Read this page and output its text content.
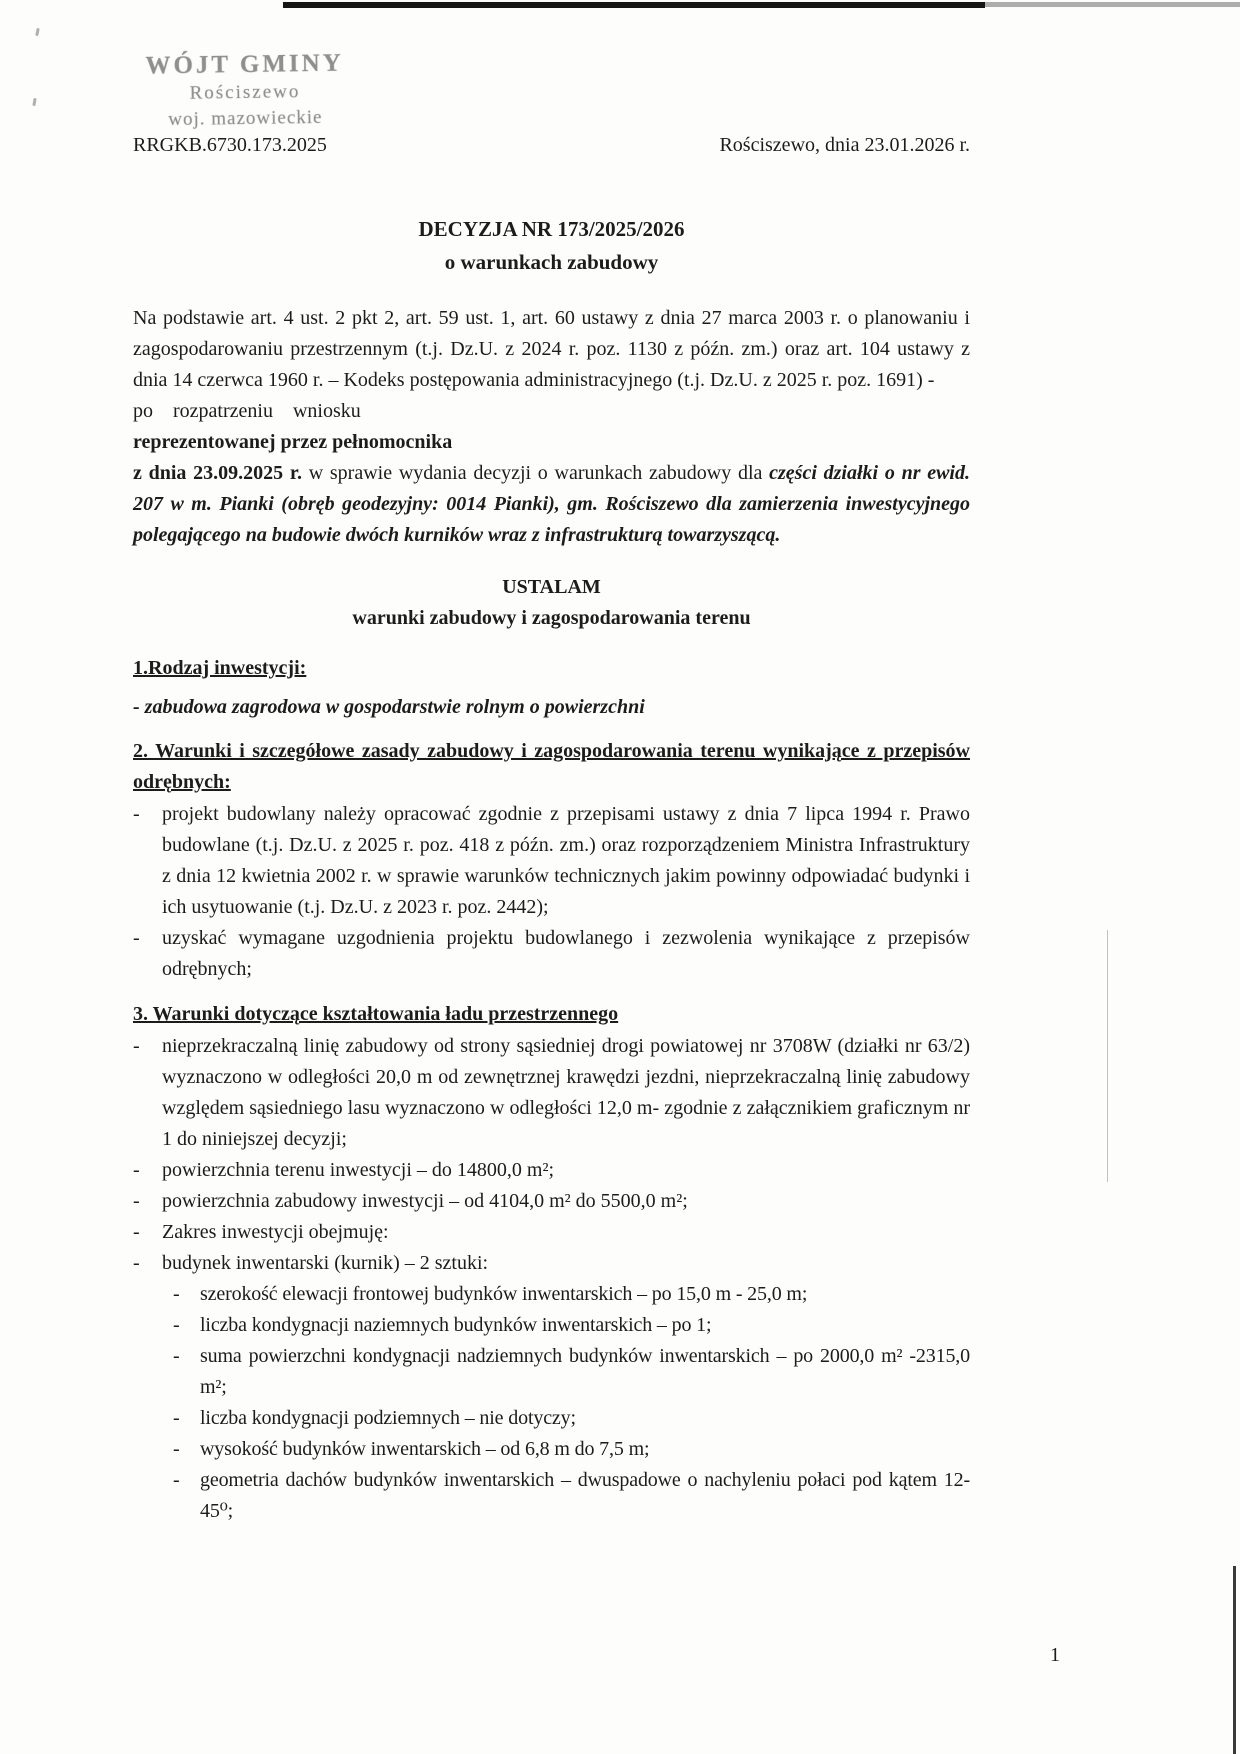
WÓJT GMINY
Rościszewo
woj. mazowieckie
RRGKB.6730.173.2025	Rościszewo, dnia 23.01.2026 r.
DECYZJA NR 173/2025/2026
o warunkach zabudowy

Na podstawie art. 4 ust. 2 pkt 2, art. 59 ust. 1, art. 60 ustawy z dnia 27 marca 2003 r. o planowaniu i zagospodarowaniu przestrzennym (t.j. Dz.U. z 2024 r. poz. 1130 z późn. zm.) oraz art. 104 ustawy z dnia 14 czerwca 1960 r. – Kodeks postępowania administracyjnego (t.j. Dz.U. z 2025 r. poz. 1691) -

po rozpatrzeniu wniosku

reprezentowanej przez pełnomocnika

z dnia 23.09.2025 r. w sprawie wydania decyzji o warunkach zabudowy dla części działki o nr ewid. 207 w m. Pianki (obręb geodezyjny: 0014 Pianki), gm. Rościszewo dla zamierzenia inwestycyjnego polegającego na budowie dwóch kurników wraz z infrastrukturą towarzyszącą.

USTALAM
warunki zabudowy i zagospodarowania terenu
1.Rodzaj inwestycji:
- zabudowa zagrodowa w gospodarstwie rolnym o powierzchni
2. Warunki i szczegółowe zasady zabudowy i zagospodarowania terenu wynikające z przepisów odrębnych:
-	projekt budowlany należy opracować zgodnie z przepisami ustawy z dnia 7 lipca 1994 r. Prawo budowlane (t.j. Dz.U. z 2025 r. poz. 418 z późn. zm.) oraz rozporządzeniem Ministra Infrastruktury z dnia 12 kwietnia 2002 r. w sprawie warunków technicznych jakim powinny odpowiadać budynki i ich usytuowanie (t.j. Dz.U. z 2023 r. poz. 2442);
-	uzyskać wymagane uzgodnienia projektu budowlanego i zezwolenia wynikające z przepisów odrębnych;
3. Warunki dotyczące kształtowania ładu przestrzennego
-	nieprzekraczalną linię zabudowy od strony sąsiedniej drogi powiatowej nr 3708W (działki nr 63/2) wyznaczono w odległości 20,0 m od zewnętrznej krawędzi jezdni, nieprzekraczalną linię zabudowy względem sąsiedniego lasu wyznaczono w odległości 12,0 m- zgodnie z załącznikiem graficznym nr 1 do niniejszej decyzji;
-	powierzchnia terenu inwestycji – do 14800,0 m²;
-	powierzchnia zabudowy inwestycji – od 4104,0 m² do 5500,0 m²;
-	Zakres inwestycji obejmuję:
-	budynek inwentarski (kurnik) – 2 sztuki:
-	szerokość elewacji frontowej budynków inwentarskich – po 15,0 m - 25,0 m;
-	liczba kondygnacji naziemnych budynków inwentarskich – po 1;
-	suma powierzchni kondygnacji nadziemnych budynków inwentarskich – po 2000,0 m² -2315,0 m²;
-	liczba kondygnacji podziemnych – nie dotyczy;
-	wysokość budynków inwentarskich – od 6,8 m do 7,5 m;
-	geometria dachów budynków inwentarskich – dwuspadowe o nachyleniu połaci pod kątem 12-45⁰;
1
